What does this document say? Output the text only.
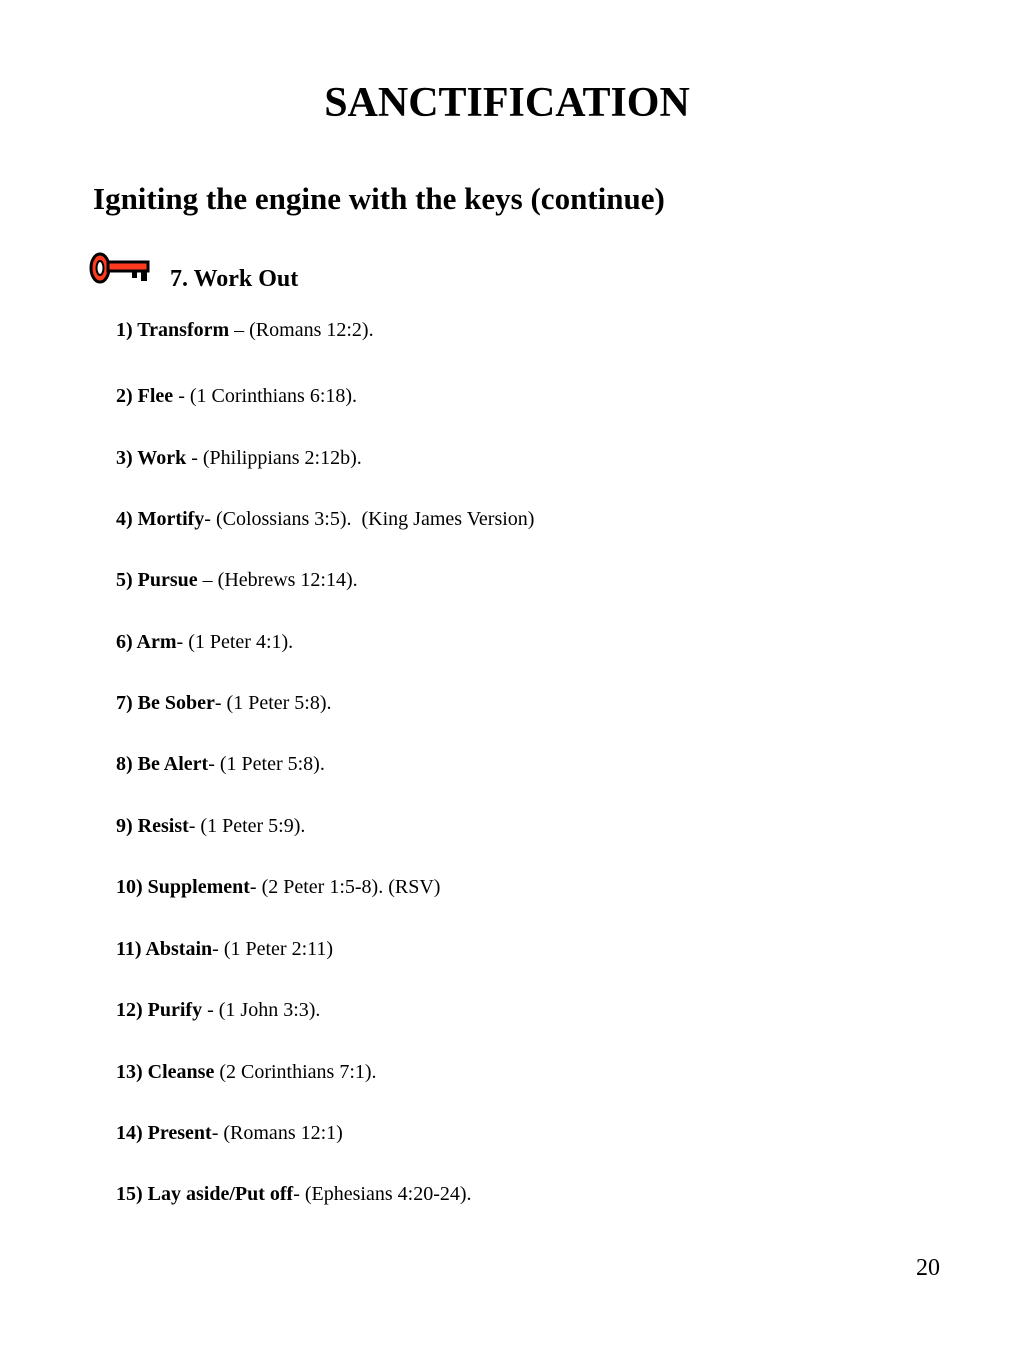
SANCTIFICATION
Igniting the engine with the keys (continue)
7. Work Out
1) Transform – (Romans 12:2).
2) Flee - (1 Corinthians 6:18).
3) Work - (Philippians 2:12b).
4) Mortify- (Colossians 3:5).  (King James Version)
5) Pursue – (Hebrews 12:14).
6) Arm- (1 Peter 4:1).
7) Be Sober- (1 Peter 5:8).
8) Be Alert- (1 Peter 5:8).
9) Resist- (1 Peter 5:9).
10) Supplement- (2 Peter 1:5-8). (RSV)
11) Abstain- (1 Peter 2:11)
12) Purify - (1 John 3:3).
13) Cleanse (2 Corinthians 7:1).
14) Present- (Romans 12:1)
15) Lay aside/Put off- (Ephesians 4:20-24).
20
